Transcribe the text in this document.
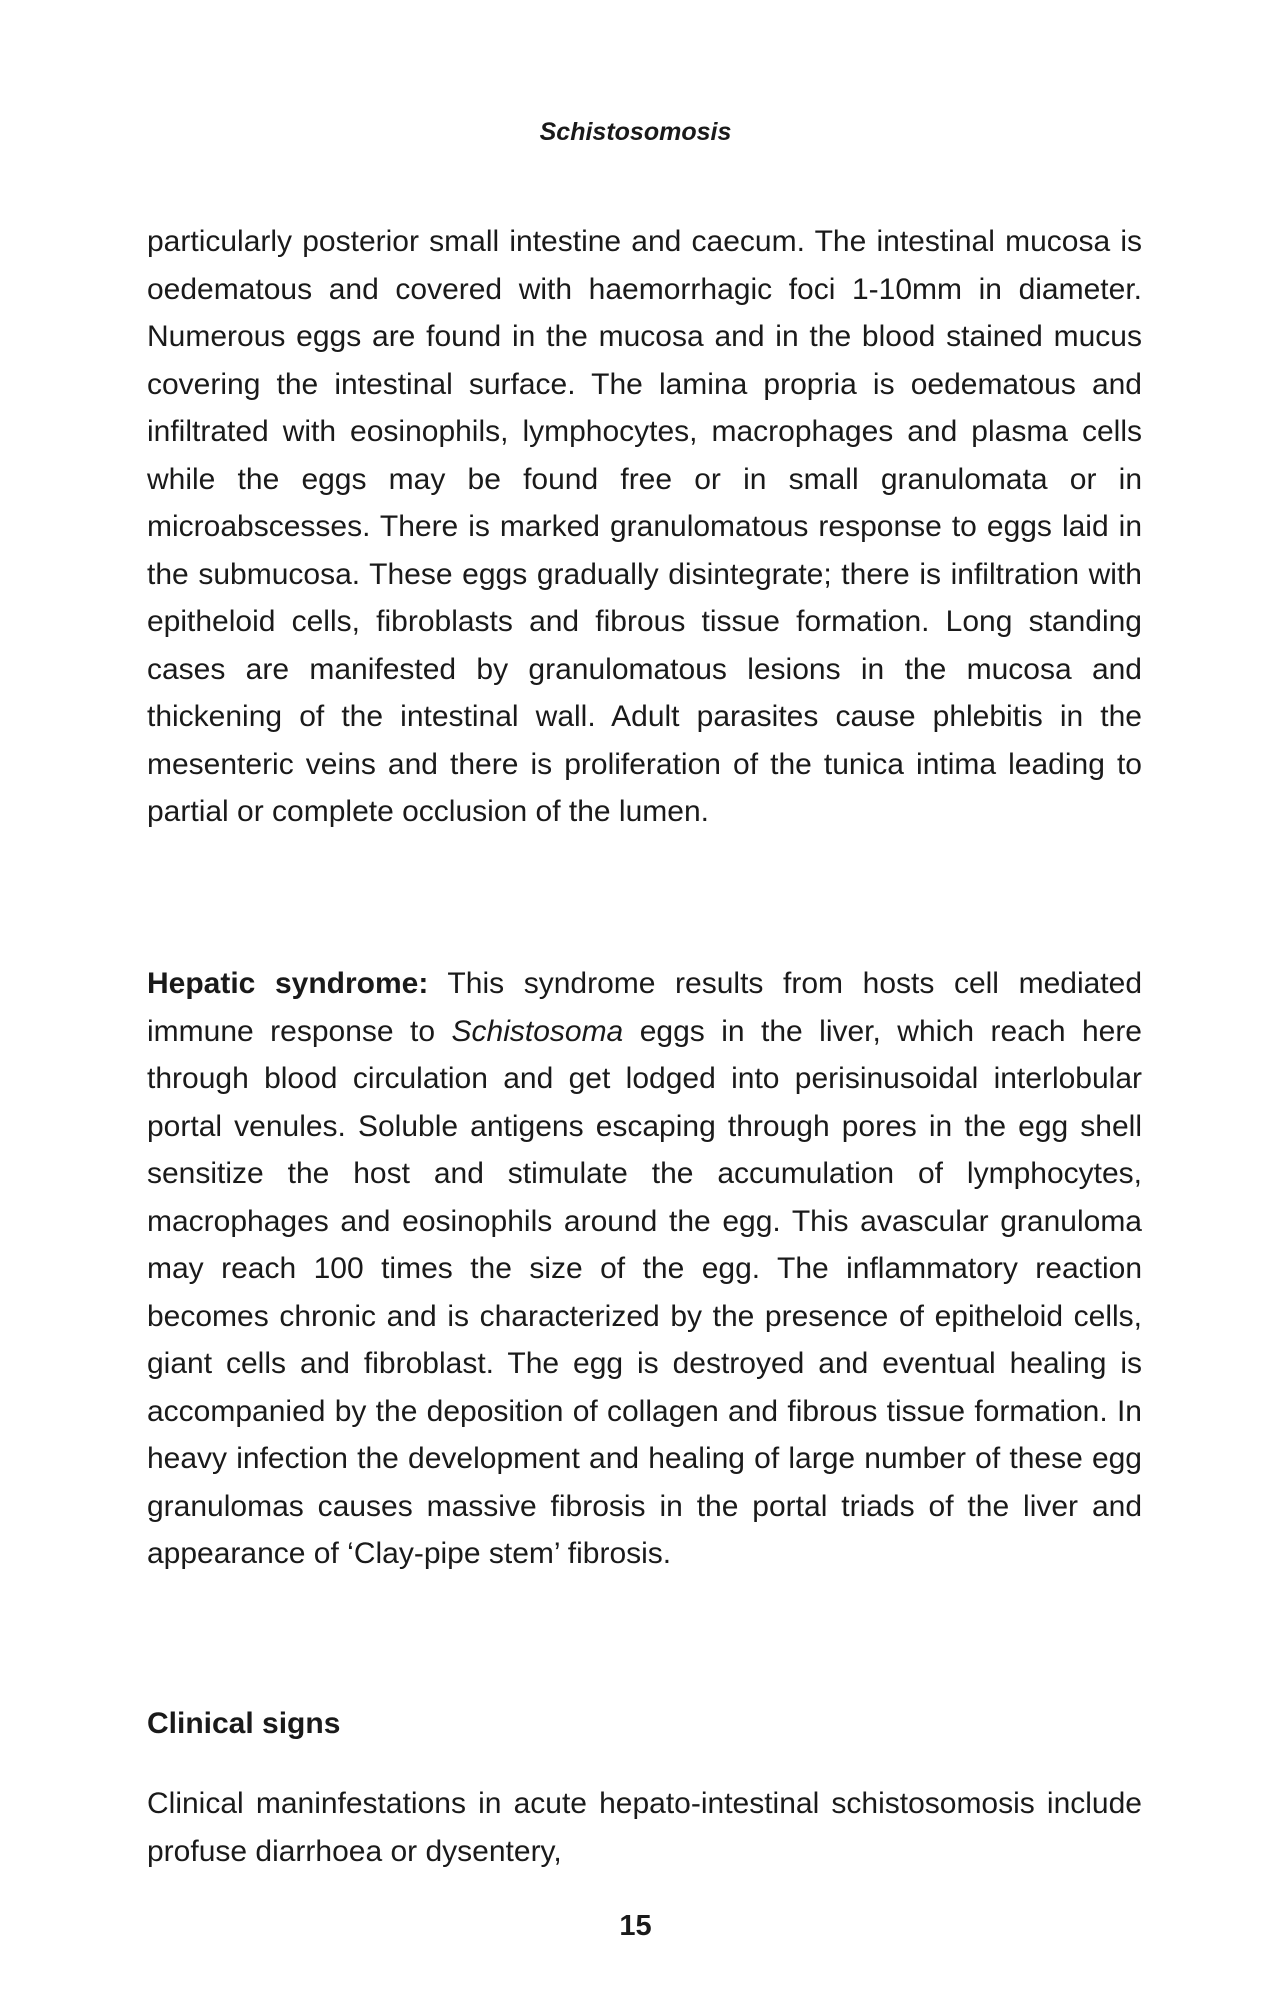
Schistosomosis

particularly posterior small intestine and caecum. The intestinal mucosa is oedematous and covered with haemorrhagic foci 1-10mm in diameter. Numerous eggs are found in the mucosa and in the blood stained mucus covering the intestinal surface. The lamina propria is oedematous and infiltrated with eosinophils, lymphocytes, macrophages and plasma cells while the eggs may be found free or in small granulomata or in microabscesses. There is marked granulomatous response to eggs laid in the submucosa. These eggs gradually disintegrate; there is infiltration with epitheloid cells, fibroblasts and fibrous tissue formation. Long standing cases are manifested by granulomatous lesions in the mucosa and thickening of the intestinal wall. Adult parasites cause phlebitis in the mesenteric veins and there is proliferation of the tunica intima leading to partial or complete occlusion of the lumen.

Hepatic syndrome: This syndrome results from hosts cell mediated immune response to Schistosoma eggs in the liver, which reach here through blood circulation and get lodged into perisinusoidal interlobular portal venules. Soluble antigens escaping through pores in the egg shell sensitize the host and stimulate the accumulation of lymphocytes, macrophages and eosinophils around the egg. This avascular granuloma may reach 100 times the size of the egg. The inflammatory reaction becomes chronic and is characterized by the presence of epitheloid cells, giant cells and fibroblast. The egg is destroyed and eventual healing is accompanied by the deposition of collagen and fibrous tissue formation. In heavy infection the development and healing of large number of these egg granulomas causes massive fibrosis in the portal triads of the liver and appearance of ‘Clay-pipe stem’ fibrosis.

Clinical signs

Clinical maninfestations in acute hepato-intestinal schistosomosis include profuse diarrhoea or dysentery,

15
